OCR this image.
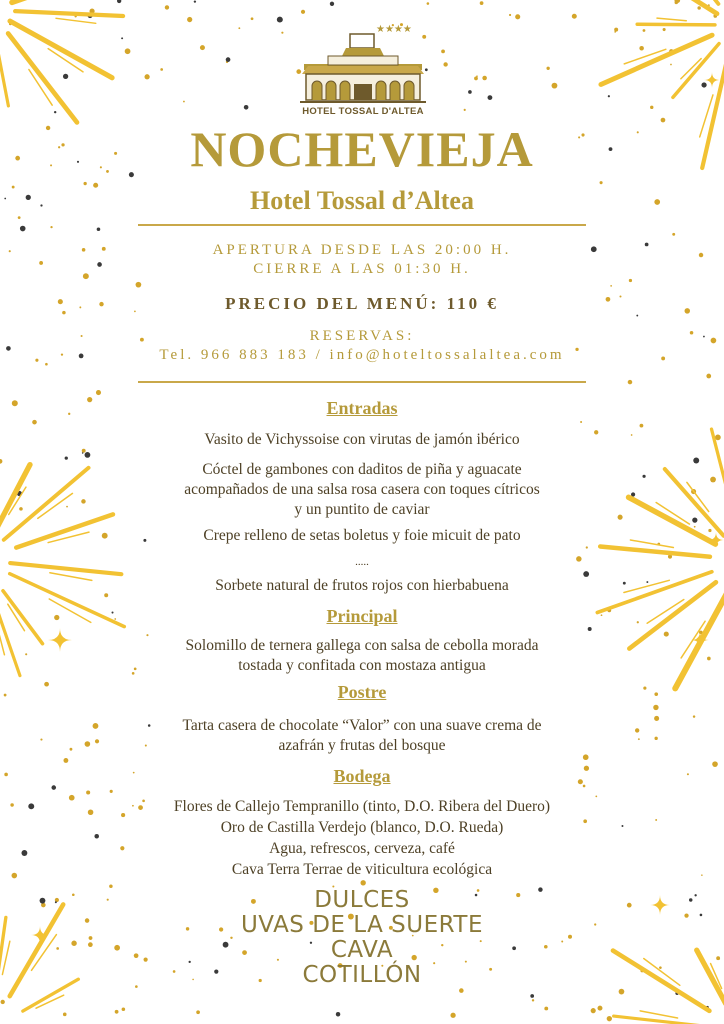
★★★★
HOTEL TOSSAL D'ALTEA
NOCHEVIEJA
Hotel Tossal d’Altea
APERTURA DESDE LAS 20:00 H.
CIERRE A LAS 01:30 H.
PRECIO DEL MENÚ: 110 €
RESERVAS:
Tel. 966 883 183 / info@hoteltossalaltea.com
Entradas
Vasito de Vichyssoise con virutas de jamón ibérico
Cóctel de gambones con daditos de piña y aguacate
acompañados de una salsa rosa casera con toques cítricos
y un puntito de caviar
Crepe relleno de setas boletus y foie micuit de pato
.....
Sorbete natural de frutos rojos con hierbabuena
Principal
Solomillo de ternera gallega con salsa de cebolla morada
tostada y confitada con mostaza antigua
Postre
Tarta casera de chocolate “Valor” con una suave crema de
azafrán y frutas del bosque
Bodega
Flores de Callejo Tempranillo (tinto, D.O. Ribera del Duero)
Oro de Castilla Verdejo (blanco, D.O. Rueda)
Agua, refrescos, cerveza, café
Cava Terra Terrae de viticultura ecológica
DULCES
UVAS DE LA SUERTE
CAVA
COTILLÓN
